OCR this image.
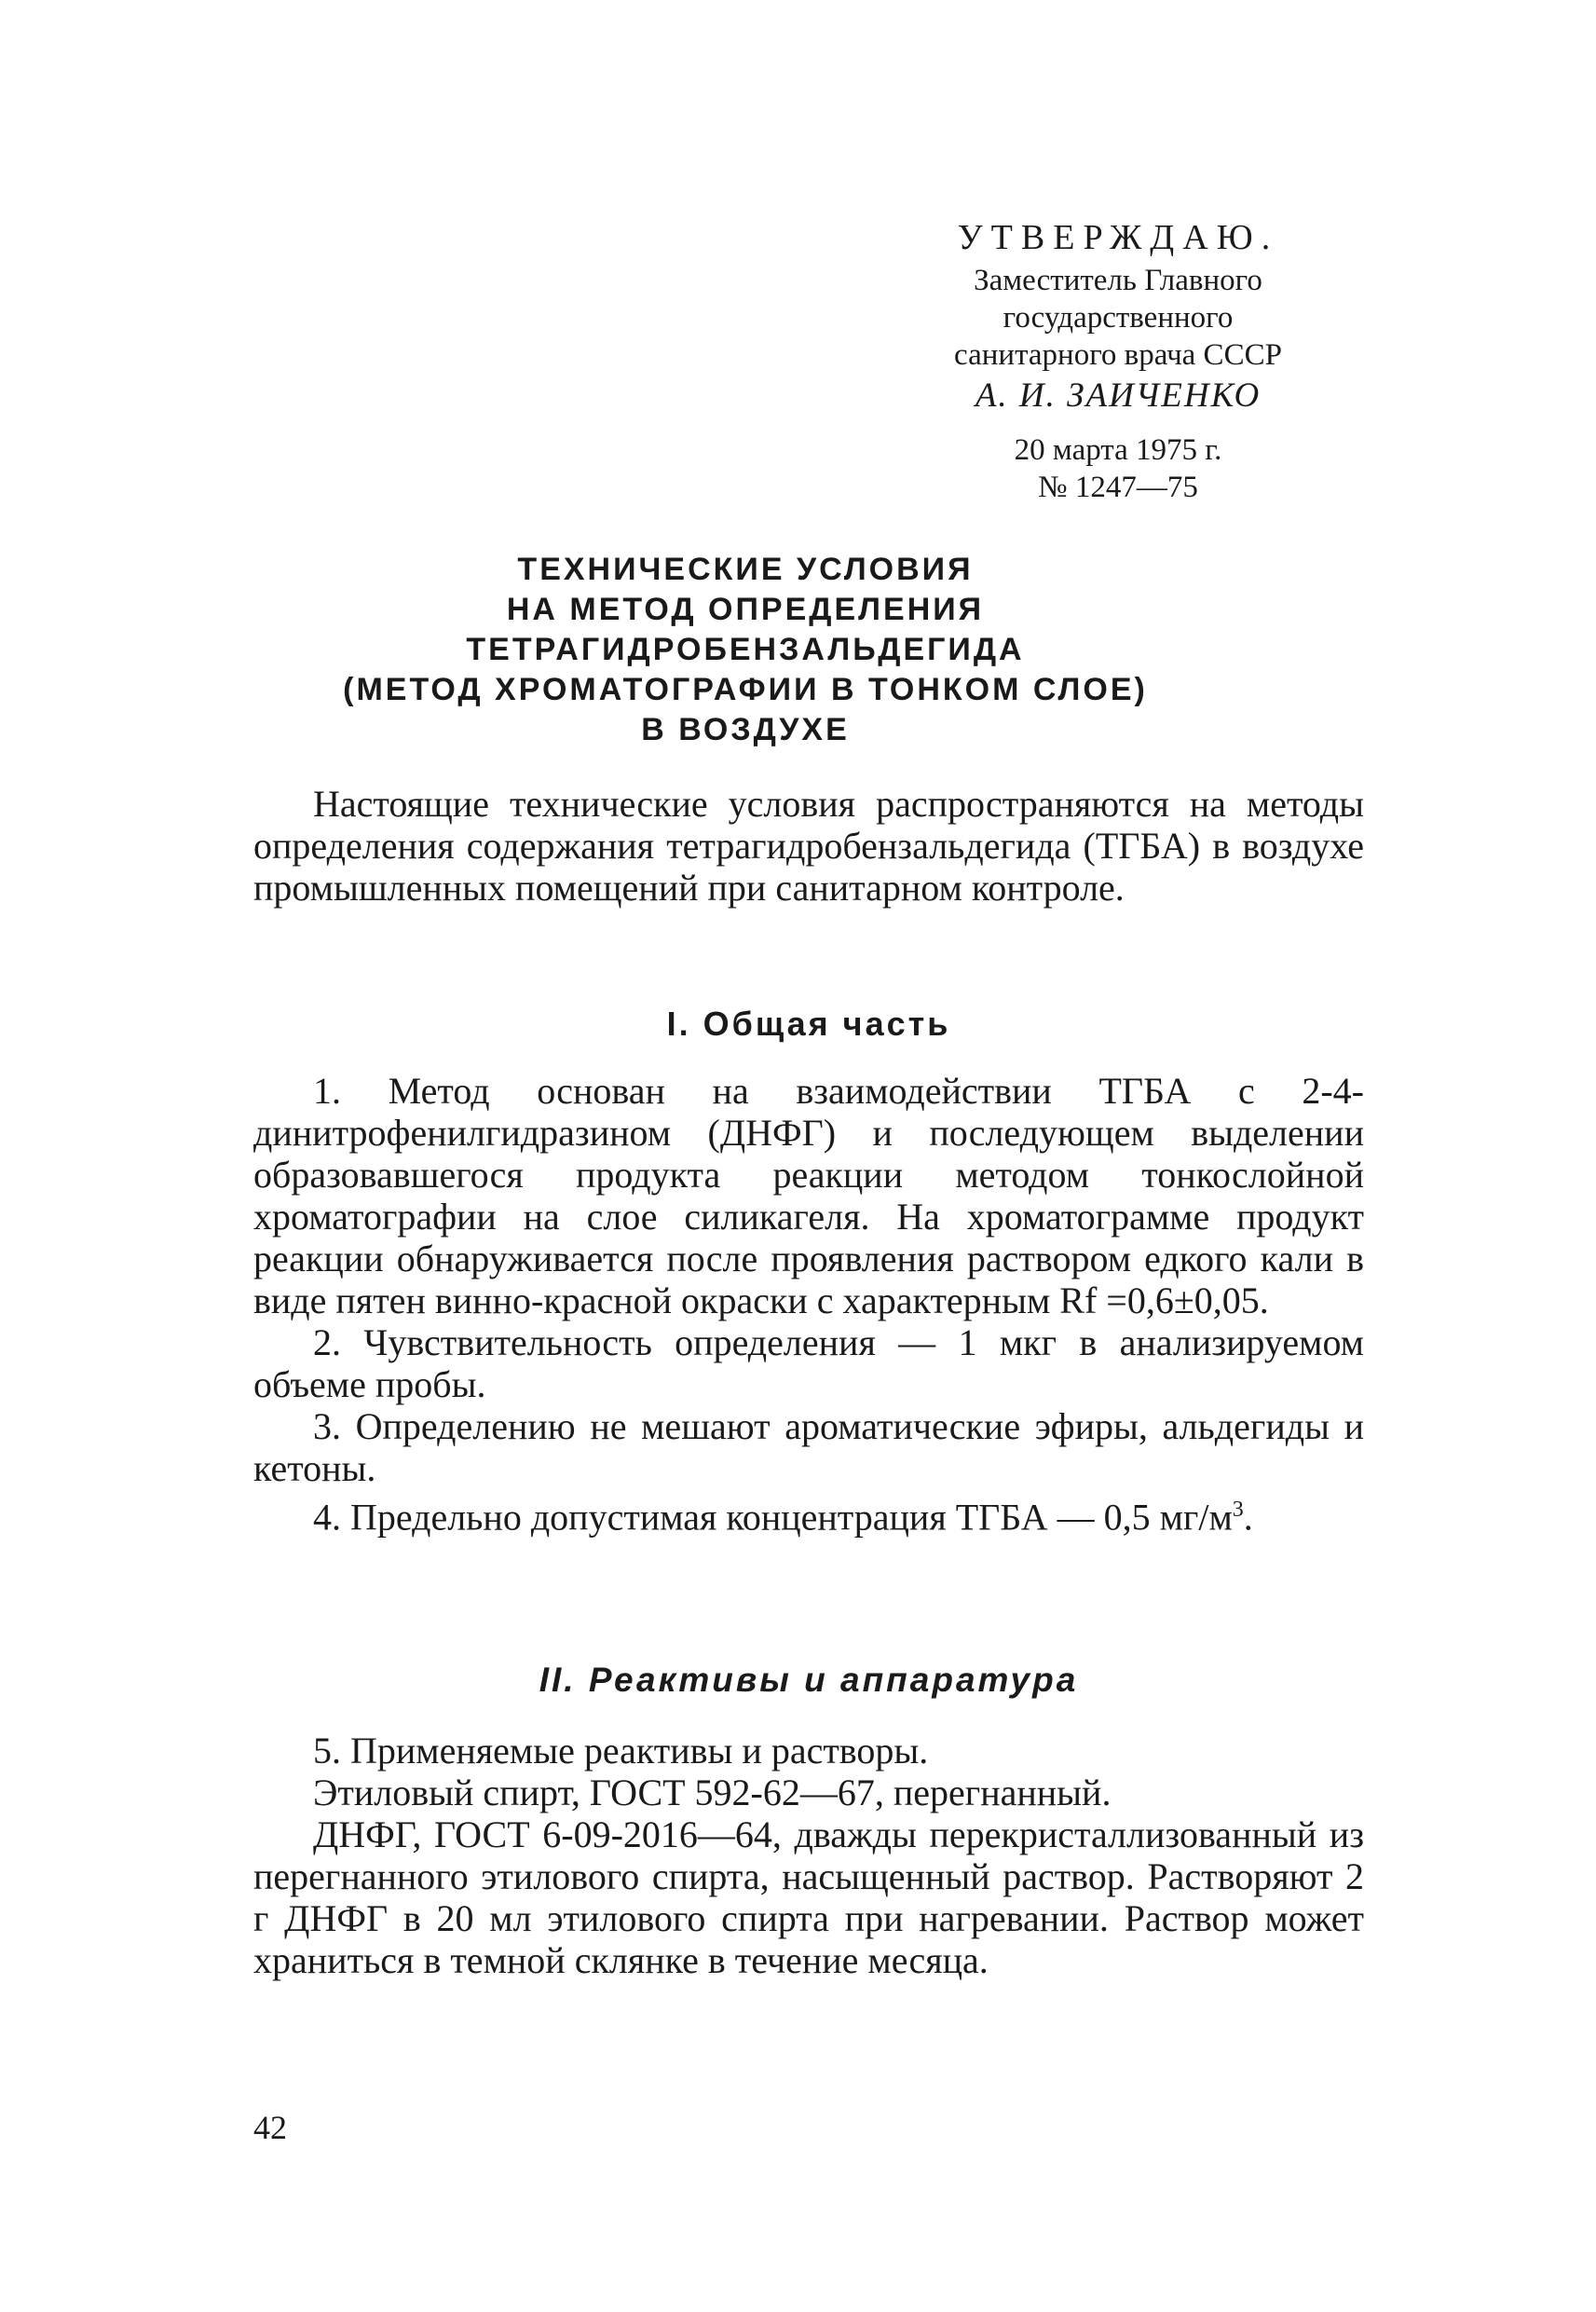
УТВЕРЖДАЮ.
Заместитель Главного
государственного
санитарного врача СССР
А. И. ЗАИЧЕНКО
20 марта 1975 г.
№ 1247—75
ТЕХНИЧЕСКИЕ УСЛОВИЯ
НА МЕТОД ОПРЕДЕЛЕНИЯ
ТЕТРАГИДРОБЕНЗАЛЬДЕГИДА
(МЕТОД ХРОМАТОГРАФИИ В ТОНКОМ СЛОЕ)
В ВОЗДУХЕ

Настоящие технические условия распространяются на методы определения содержания тетрагидробензальдегида (ТГБА) в воздухе промышленных помещений при санитарном контроле.

I. Общая часть

1. Метод основан на взаимодействии ТГБА с 2-4-динитрофенилгидразином (ДНФГ) и последующем выделении образовавшегося продукта реакции методом тонкослойной хроматографии на слое силикагеля. На хроматограмме продукт реакции обнаруживается после проявления раствором едкого кали в виде пятен винно-красной окраски с характерным Rf =0,6±0,05.

2. Чувствительность определения — 1 мкг в анализируемом объеме пробы.

3. Определению не мешают ароматические эфиры, альдегиды и кетоны.

4. Предельно допустимая концентрация ТГБА — 0,5 $мг/м^3$.

II. Реактивы и аппаратура

5. Применяемые реактивы и растворы.

Этиловый спирт, ГОСТ 592-62—67, перегнанный.

ДНФГ, ГОСТ 6-09-2016—64, дважды перекристаллизованный из перегнанного этилового спирта, насыщенный раствор. Растворяют 2 г ДНФГ в 20 мл этилового спирта при нагревании. Раствор может храниться в темной склянке в течение месяца.

42
